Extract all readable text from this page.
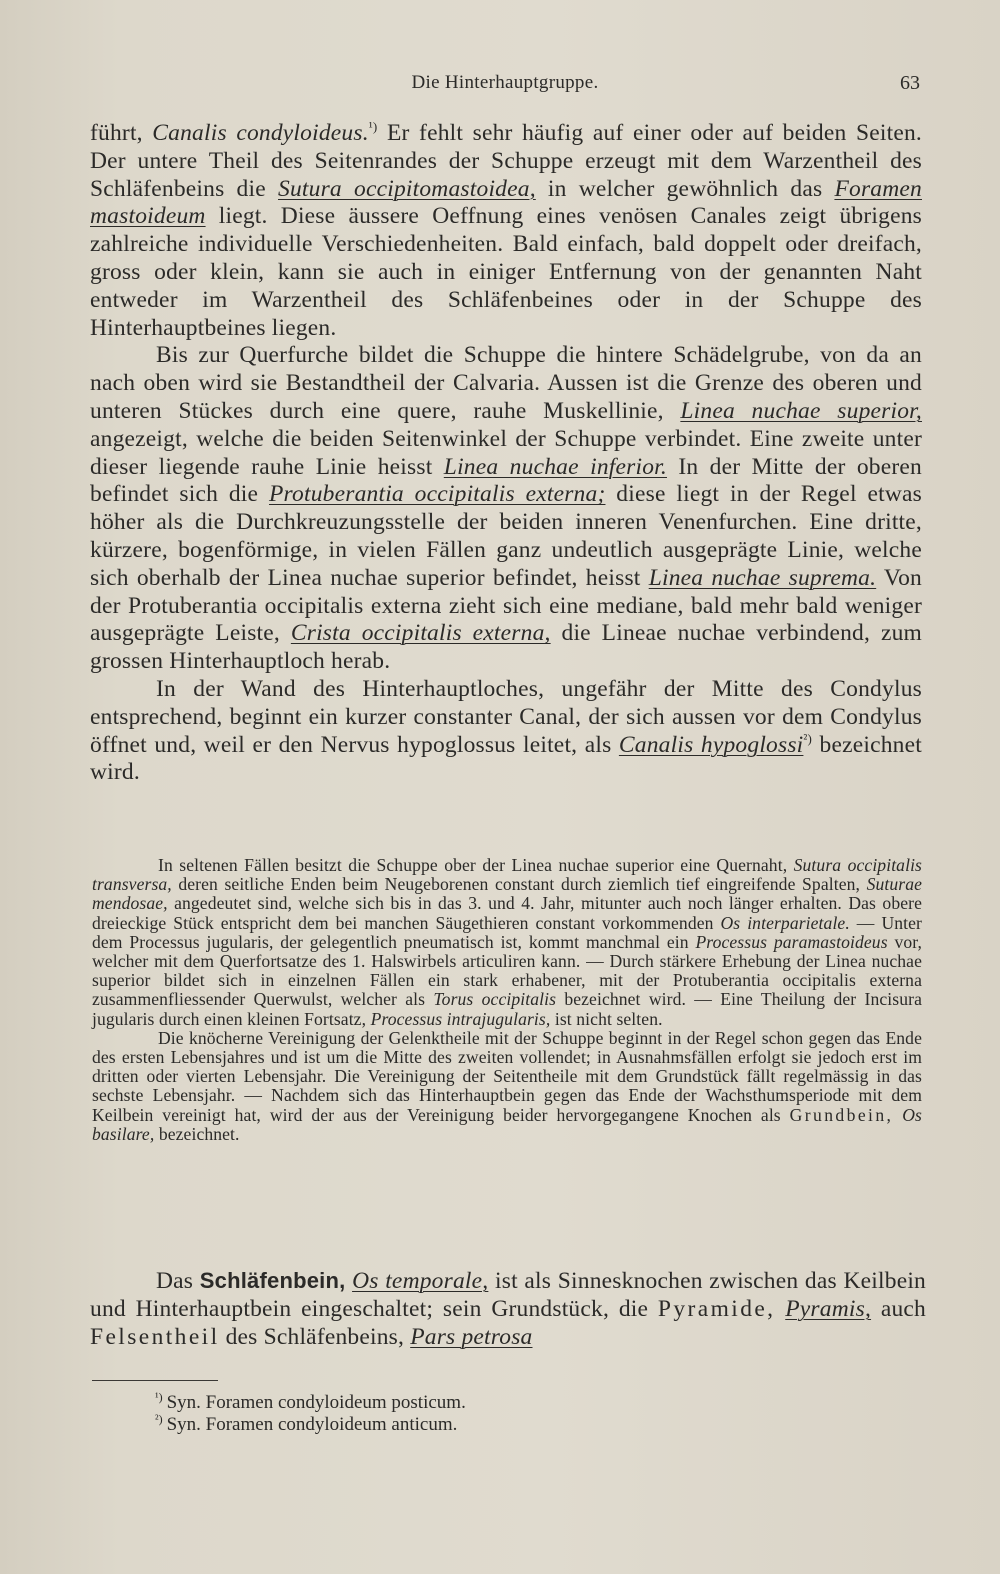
Die Hinterhauptgruppe.	63

führt, Canalis condyloideus.$^{^1)}$ Er fehlt sehr häufig auf einer oder auf beiden Seiten. Der untere Theil des Seitenrandes der Schuppe erzeugt mit dem Warzentheil des Schläfenbeins die Sutura occipitomastoidea, in welcher gewöhnlich das Foramen mastoideum liegt. Diese äussere Oeffnung eines venösen Canales zeigt übrigens zahlreiche individuelle Verschiedenheiten. Bald einfach, bald doppelt oder dreifach, gross oder klein, kann sie auch in einiger Entfernung von der genannten Naht entweder im Warzentheil des Schläfenbeines oder in der Schuppe des Hinterhauptbeines liegen.

Bis zur Querfurche bildet die Schuppe die hintere Schädelgrube, von da an nach oben wird sie Bestandtheil der Calvaria. Aussen ist die Grenze des oberen und unteren Stückes durch eine quere, rauhe Muskellinie, Linea nuchae superior, angezeigt, welche die beiden Seitenwinkel der Schuppe verbindet. Eine zweite unter dieser liegende rauhe Linie heisst Linea nuchae inferior. In der Mitte der oberen befindet sich die Protuberantia occipitalis externa; diese liegt in der Regel etwas höher als die Durchkreuzungsstelle der beiden inneren Venenfurchen. Eine dritte, kürzere, bogenförmige, in vielen Fällen ganz undeutlich ausgeprägte Linie, welche sich oberhalb der Linea nuchae superior befindet, heisst Linea nuchae suprema. Von der Protuberantia occipitalis externa zieht sich eine mediane, bald mehr bald weniger ausgeprägte Leiste, Crista occipitalis externa, die Lineae nuchae verbindend, zum grossen Hinterhauptloch herab.

In der Wand des Hinterhauptloches, ungefähr der Mitte des Condylus entsprechend, beginnt ein kurzer constanter Canal, der sich aussen vor dem Condylus öffnet und, weil er den Nervus hypoglossus leitet, als Canalis hypoglossi$^{^2)}$ bezeichnet wird.

In seltenen Fällen besitzt die Schuppe ober der Linea nuchae superior eine Quernaht, Sutura occipitalis transversa, deren seitliche Enden beim Neugeborenen constant durch ziemlich tief eingreifende Spalten, Suturae mendosae, angedeutet sind, welche sich bis in das 3. und 4. Jahr, mitunter auch noch länger erhalten. Das obere dreieckige Stück entspricht dem bei manchen Säugethieren constant vorkommenden Os interparietale. — Unter dem Processus jugularis, der gelegentlich pneumatisch ist, kommt manchmal ein Processus paramastoideus vor, welcher mit dem Querfortsatze des 1. Halswirbels articuliren kann. — Durch stärkere Erhebung der Linea nuchae superior bildet sich in einzelnen Fällen ein stark erhabener, mit der Protuberantia occipitalis externa zusammenfliessender Querwulst, welcher als Torus occipitalis bezeichnet wird. — Eine Theilung der Incisura jugularis durch einen kleinen Fortsatz, Processus intrajugularis, ist nicht selten.

Die knöcherne Vereinigung der Gelenktheile mit der Schuppe beginnt in der Regel schon gegen das Ende des ersten Lebensjahres und ist um die Mitte des zweiten vollendet; in Ausnahmsfällen erfolgt sie jedoch erst im dritten oder vierten Lebensjahr. Die Vereinigung der Seitentheile mit dem Grundstück fällt regelmässig in das sechste Lebensjahr. — Nachdem sich das Hinterhauptbein gegen das Ende der Wachsthumsperiode mit dem Keilbein vereinigt hat, wird der aus der Vereinigung beider hervorgegangene Knochen als Grundbein, Os basilare, bezeichnet.

Das Schläfenbein, Os temporale, ist als Sinnesknochen zwischen das Keilbein und Hinterhauptbein eingeschaltet; sein Grundstück, die Pyramide, Pyramis, auch Felsentheil des Schläfenbeins, Pars petrosa

$^{^1)}$ Syn. Foramen condyloideum posticum.
$^{^2)}$ Syn. Foramen condyloideum anticum.
